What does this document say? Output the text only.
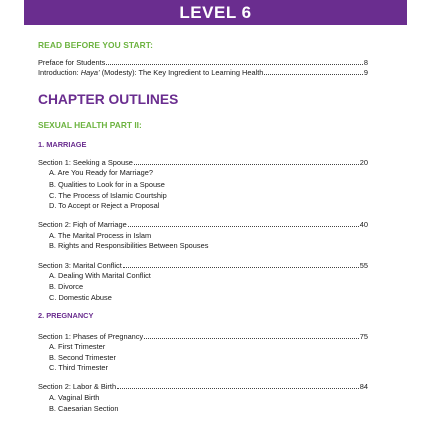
LEVEL 6
READ BEFORE YOU START:
Preface for Students	8
Introduction: Haya’ (Modesty): The Key Ingredient to Learning Health	9
CHAPTER OUTLINES
SEXUAL HEALTH PART II:
1. MARRIAGE
Section 1: Seeking a Spouse	20
A. Are You Ready for Marriage?
B. Qualities to Look for in a Spouse
C. The Process of Islamic Courtship
D. To Accept or Reject a Proposal
Section 2: Fiqh of Marriage	40
A. The Marital Process in Islam
B. Rights and Responsibilities Between Spouses
Section 3: Marital Conflict	55
A. Dealing With Marital Conflict
B. Divorce
C. Domestic Abuse
2. PREGNANCY
Section 1: Phases of Pregnancy	75
A. First Trimester
B. Second Trimester
C. Third Trimester
Section 2: Labor & Birth	84
A. Vaginal Birth
B. Caesarian Section
